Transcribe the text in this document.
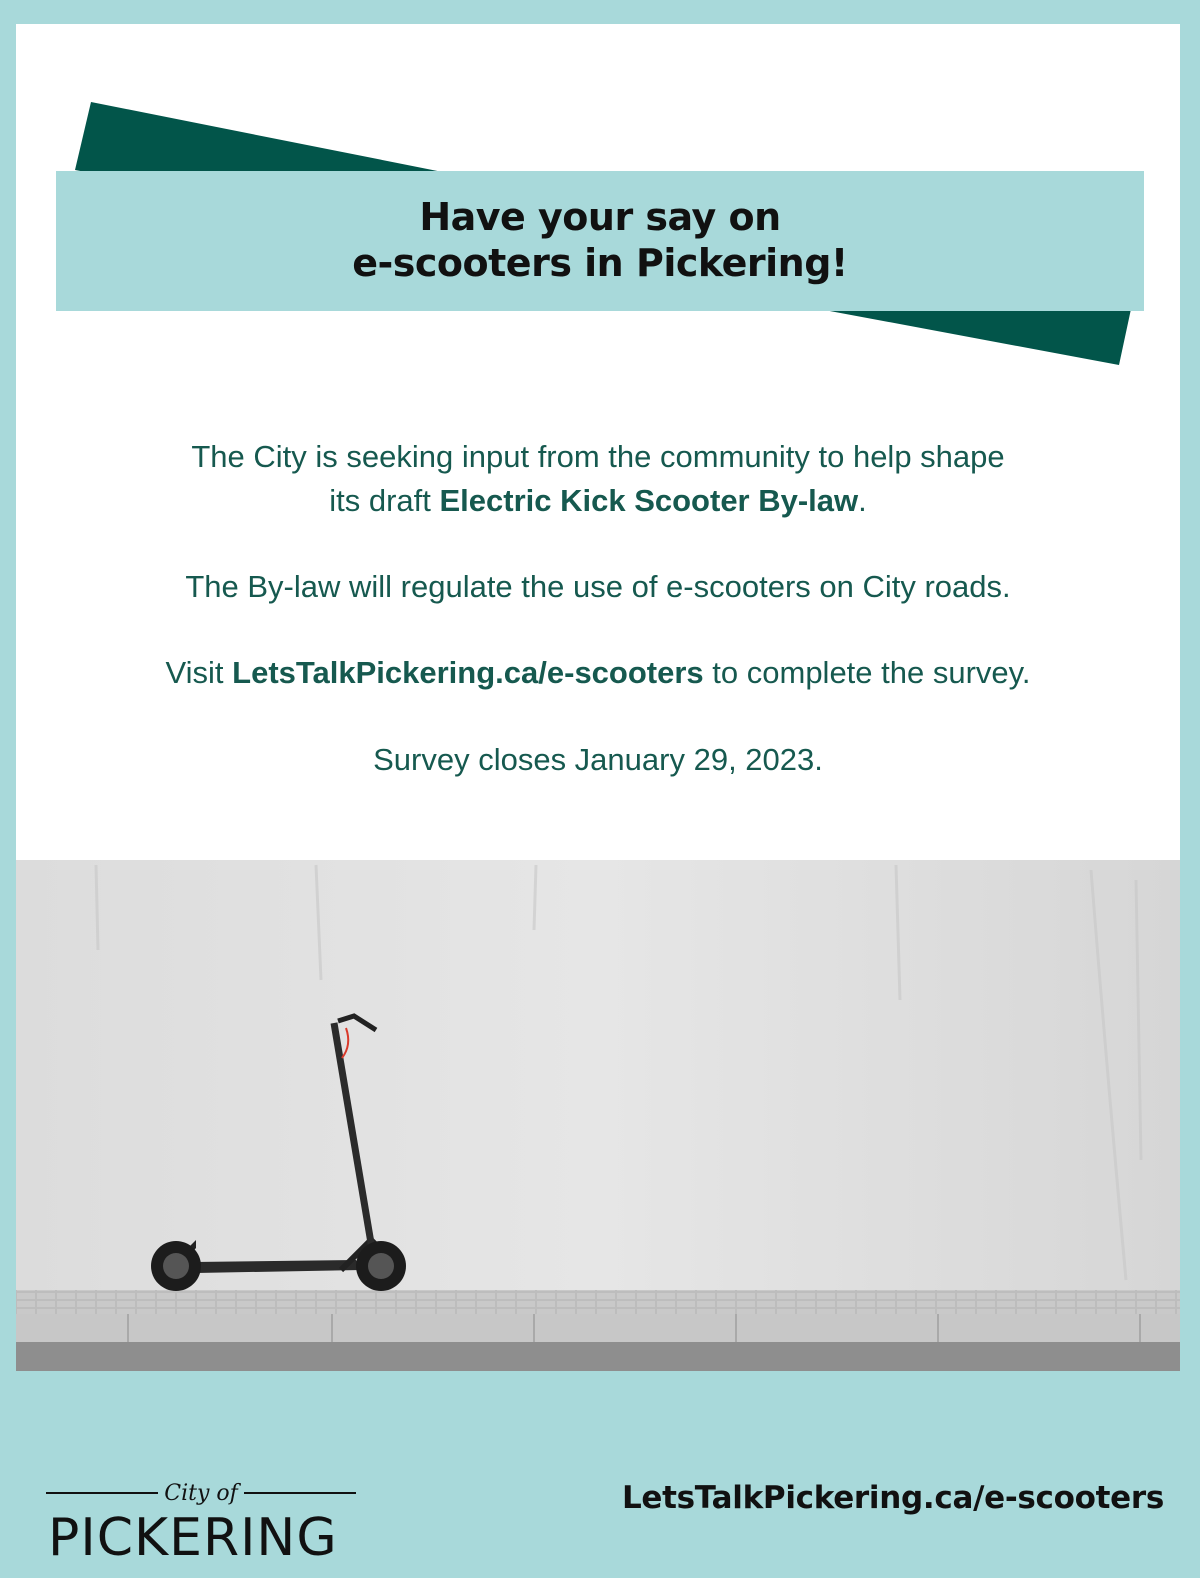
Have your say on
e-scooters in Pickering!
The City is seeking input from the community to help shape
its draft Electric Kick Scooter By-law.
The By-law will regulate the use of e-scooters on City roads.
Visit LetsTalkPickering.ca/e-scooters to complete the survey.
Survey closes January 29, 2023.
City of
PICKERING
LetsTalkPickering.ca/e-scooters
